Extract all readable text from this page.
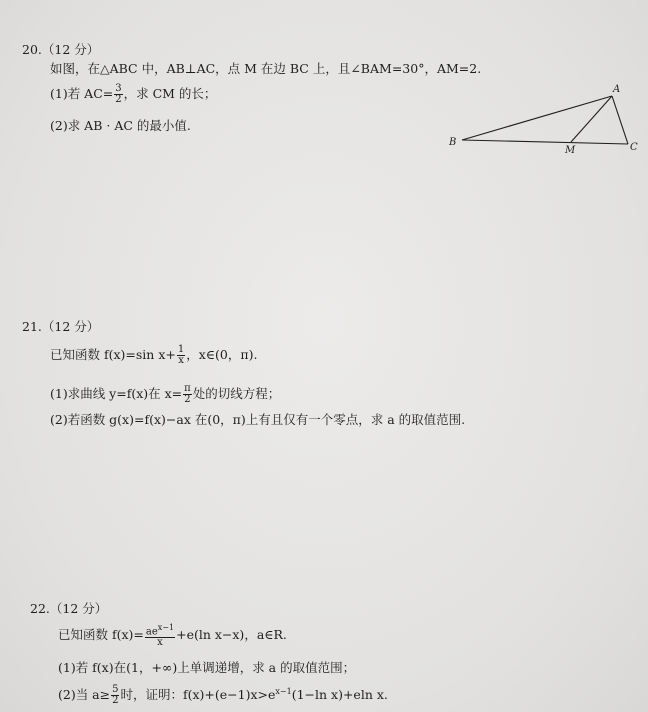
20.（12 分）
如图，在△ABC 中，AB⊥AC，点 M 在边 BC 上，且∠BAM=30°，AM=2.
(1)若 $AC= \frac{3}{2}$ ，求 CM 的长；
(2)求 AB · AC 的最小值.
A
B
M	C
21.（12 分）
已知函数 f(x)=sin $x+ \frac{1}{x}$ ，x∈(0，π).
(1)求曲线 y=f(x)在 $x= \frac{\pi}{2}$ 处的切线方程；
(2)若函数 g(x)=f(x)−ax 在(0，π)上有且仅有一个零点，求 a 的取值范围.
22.（12 分）
已知函数 $f(x)= \frac{ae^{x-1}}{x} +e(\ln$ x−x)，a∈R.
(1)若 f(x)在(1，+∞)上单调递增，求 a 的取值范围；
(2)当 $a\ge \frac{5}{2}$ 时，证明：$f(x)+(e-1)x>e^{x-1}(1-\ln$ x)+eln x.
